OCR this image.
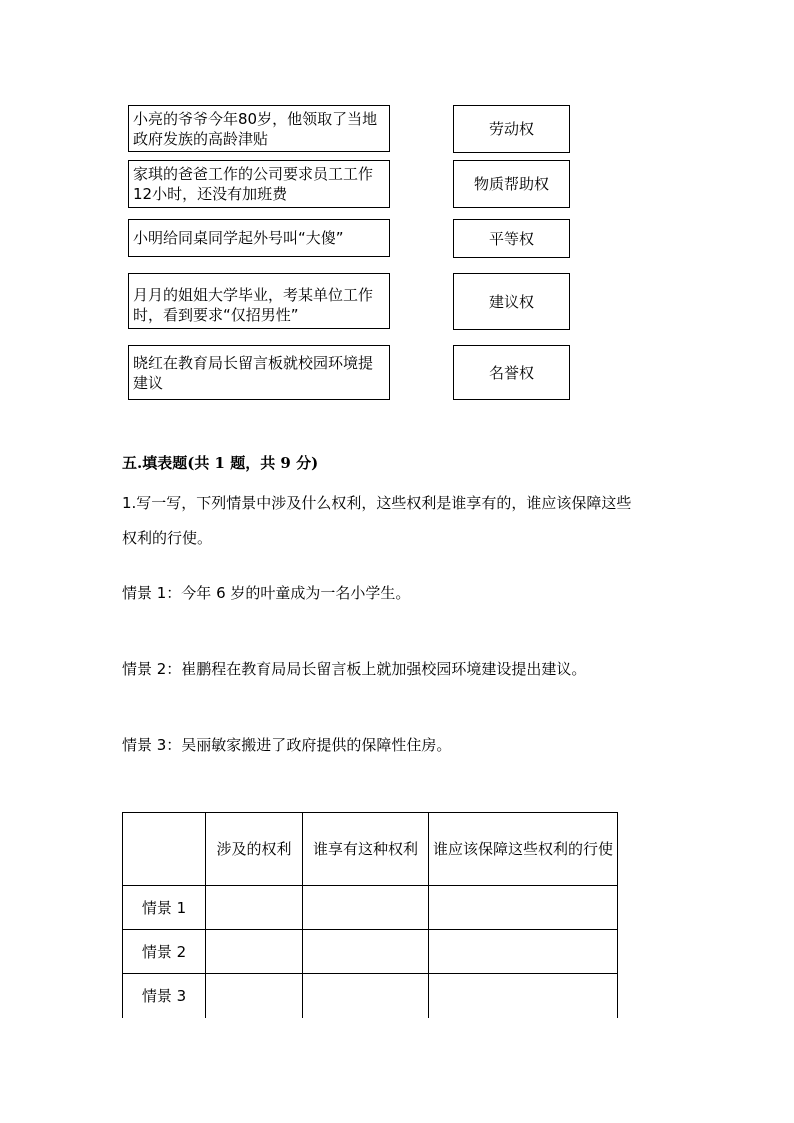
小亮的爷爷今年80岁，他领取了当地政府发族的高龄津贴
家琪的爸爸工作的公司要求员工工作12小时，还没有加班费
小明给同桌同学起外号叫“大傻”
月月的姐姐大学毕业，考某单位工作时，看到要求“仅招男性”
晓红在教育局长留言板就校园环境提建议
劳动权
物质帮助权
平等权
建议权
名誉权
五.填表题(共 1 题，共 9 分)
1.写一写，下列情景中涉及什么权利，这些权利是谁享有的，谁应该保障这些
权利的行使。
情景 1：今年 6 岁的叶童成为一名小学生。
情景 2：崔鹏程在教育局局长留言板上就加强校园环境建设提出建议。
情景 3：吴丽敏家搬进了政府提供的保障性住房。
	涉及的权利	谁享有这种权利	谁应该保障这些权利的行使

情景 1			
情景 2			
情景 3			
